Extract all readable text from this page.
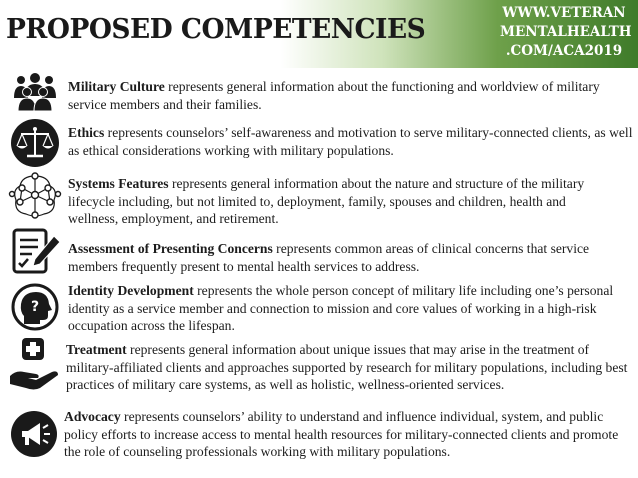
PROPOSED COMPETENCIES
WWW.VETERAN
MENTALHEALTH
.COM/ACA2019

Military Culture represents general information about the functioning and worldview of military service members and their families.

Ethics represents counselors’ self-awareness and motivation to serve military-connected clients, as well as ethical considerations working with military populations.

Systems Features represents general information about the nature and structure of the military lifecycle including, but not limited to, deployment, family, spouses and children, health and wellness, employment, and retirement.

Assessment of Presenting Concerns represents common areas of clinical concerns that service members frequently present to mental health services to address.

?

Identity Development represents the whole person concept of military life including one’s personal identity as a service member and connection to mission and core values of working in a high-risk occupation across the lifespan.

Treatment represents general information about unique issues that may arise in the treatment of military-affiliated clients and approaches supported by research for military populations, including best practices of military care systems, as well as holistic, wellness-oriented services.

Advocacy represents counselors’ ability to understand and influence individual, system, and public policy efforts to increase access to mental health resources for military-connected clients and promote the role of counseling professionals working with military populations.
